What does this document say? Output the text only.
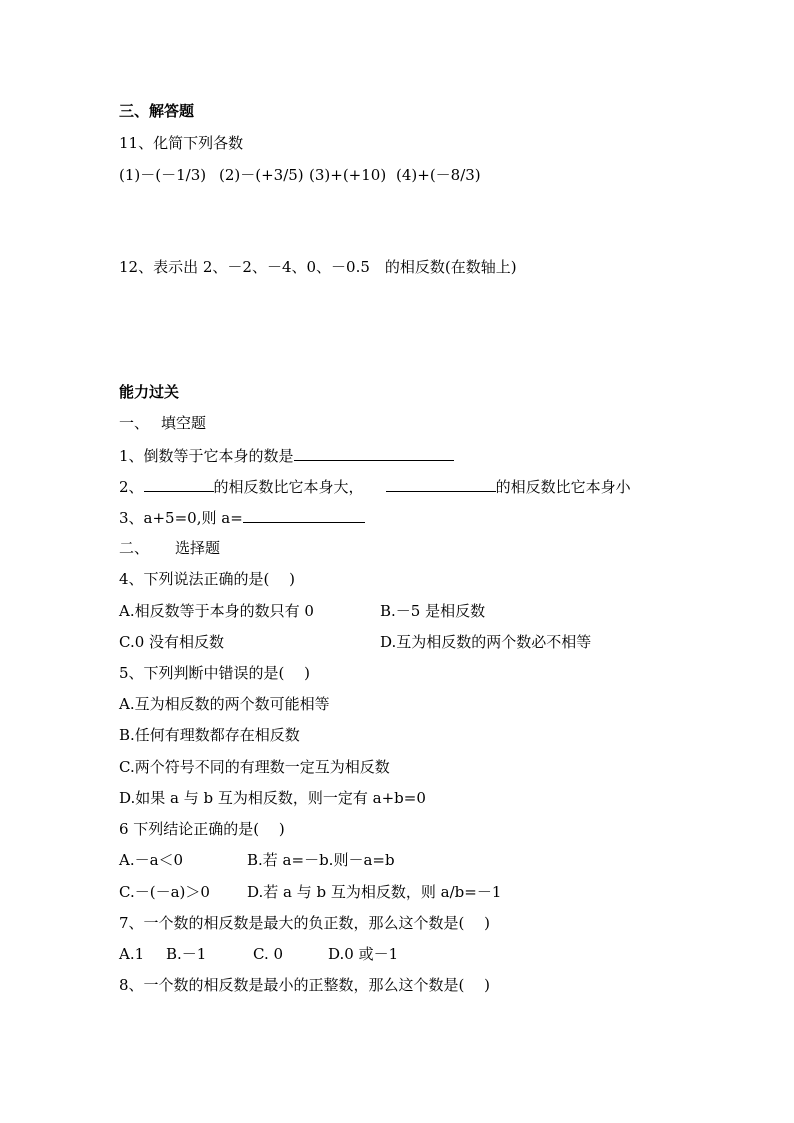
三、解答题
11、化简下列各数
(1)－(－1/3) (2)－(+3/5) (3)+(+10) (4)+(－8/3)
12、表示出 2、－2、－4、0、－0.5　的相反数(在数轴上)
能力过关
一、 填空题
1、倒数等于它本身的数是
2、	的相反数比它本身大，	的相反数比它本身小
3、a+5=0,则 a=
二、 选择题
4、下列说法正确的是(　 )
A.相反数等于本身的数只有 0	B.－5 是相反数
C.0 没有相反数	D.互为相反数的两个数必不相等
5、下列判断中错误的是(　 )
A.互为相反数的两个数可能相等
B.任何有理数都存在相反数
C.两个符号不同的有理数一定互为相反数
D.如果 a 与 b 互为相反数，则一定有 a+b=0
6 下列结论正确的是(　 )
A.－a＜0	B.若 a=－b.则－a=b
C.－(－a)＞0 D.若 a 与 b 互为相反数，则 a/b=－1
7、一个数的相反数是最大的负正数，那么这个数是(　 )
A.1 B.－1	C. 0	D.0 或－1
8、一个数的相反数是最小的正整数，那么这个数是(　 )
